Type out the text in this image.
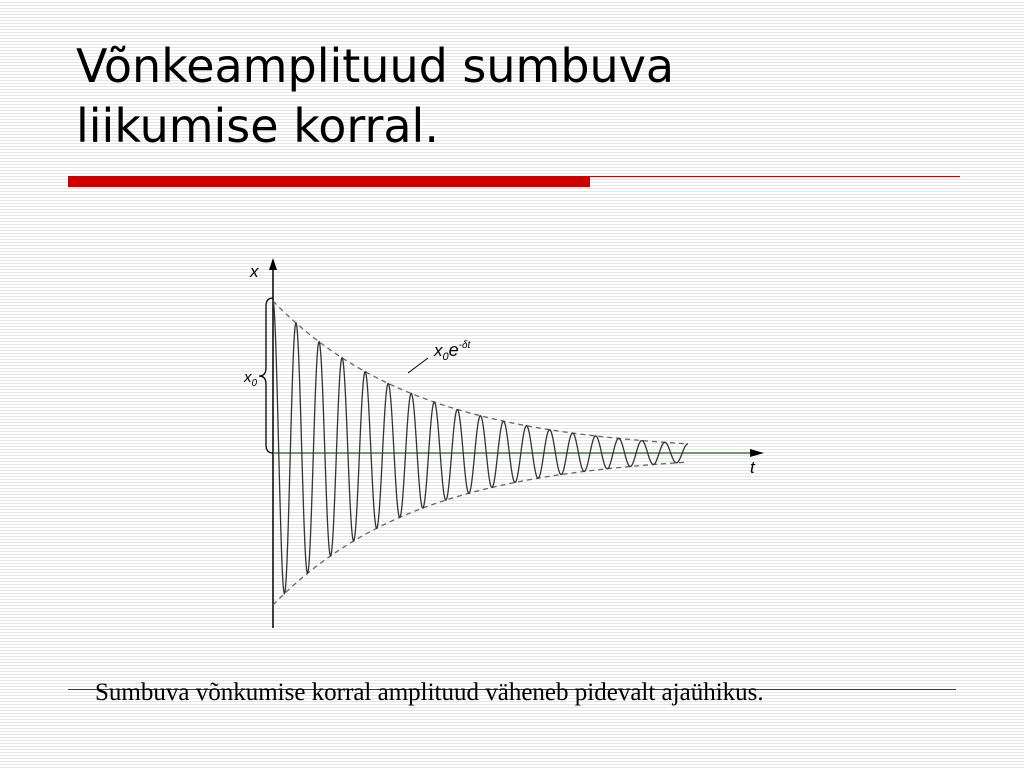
Võnkeamplituud sumbuva
liikumise korral.
x
t
$x_0$
$x_0e^{-\delta t}$

Sumbuva võnkumise korral amplituud väheneb pidevalt ajaühikus.
